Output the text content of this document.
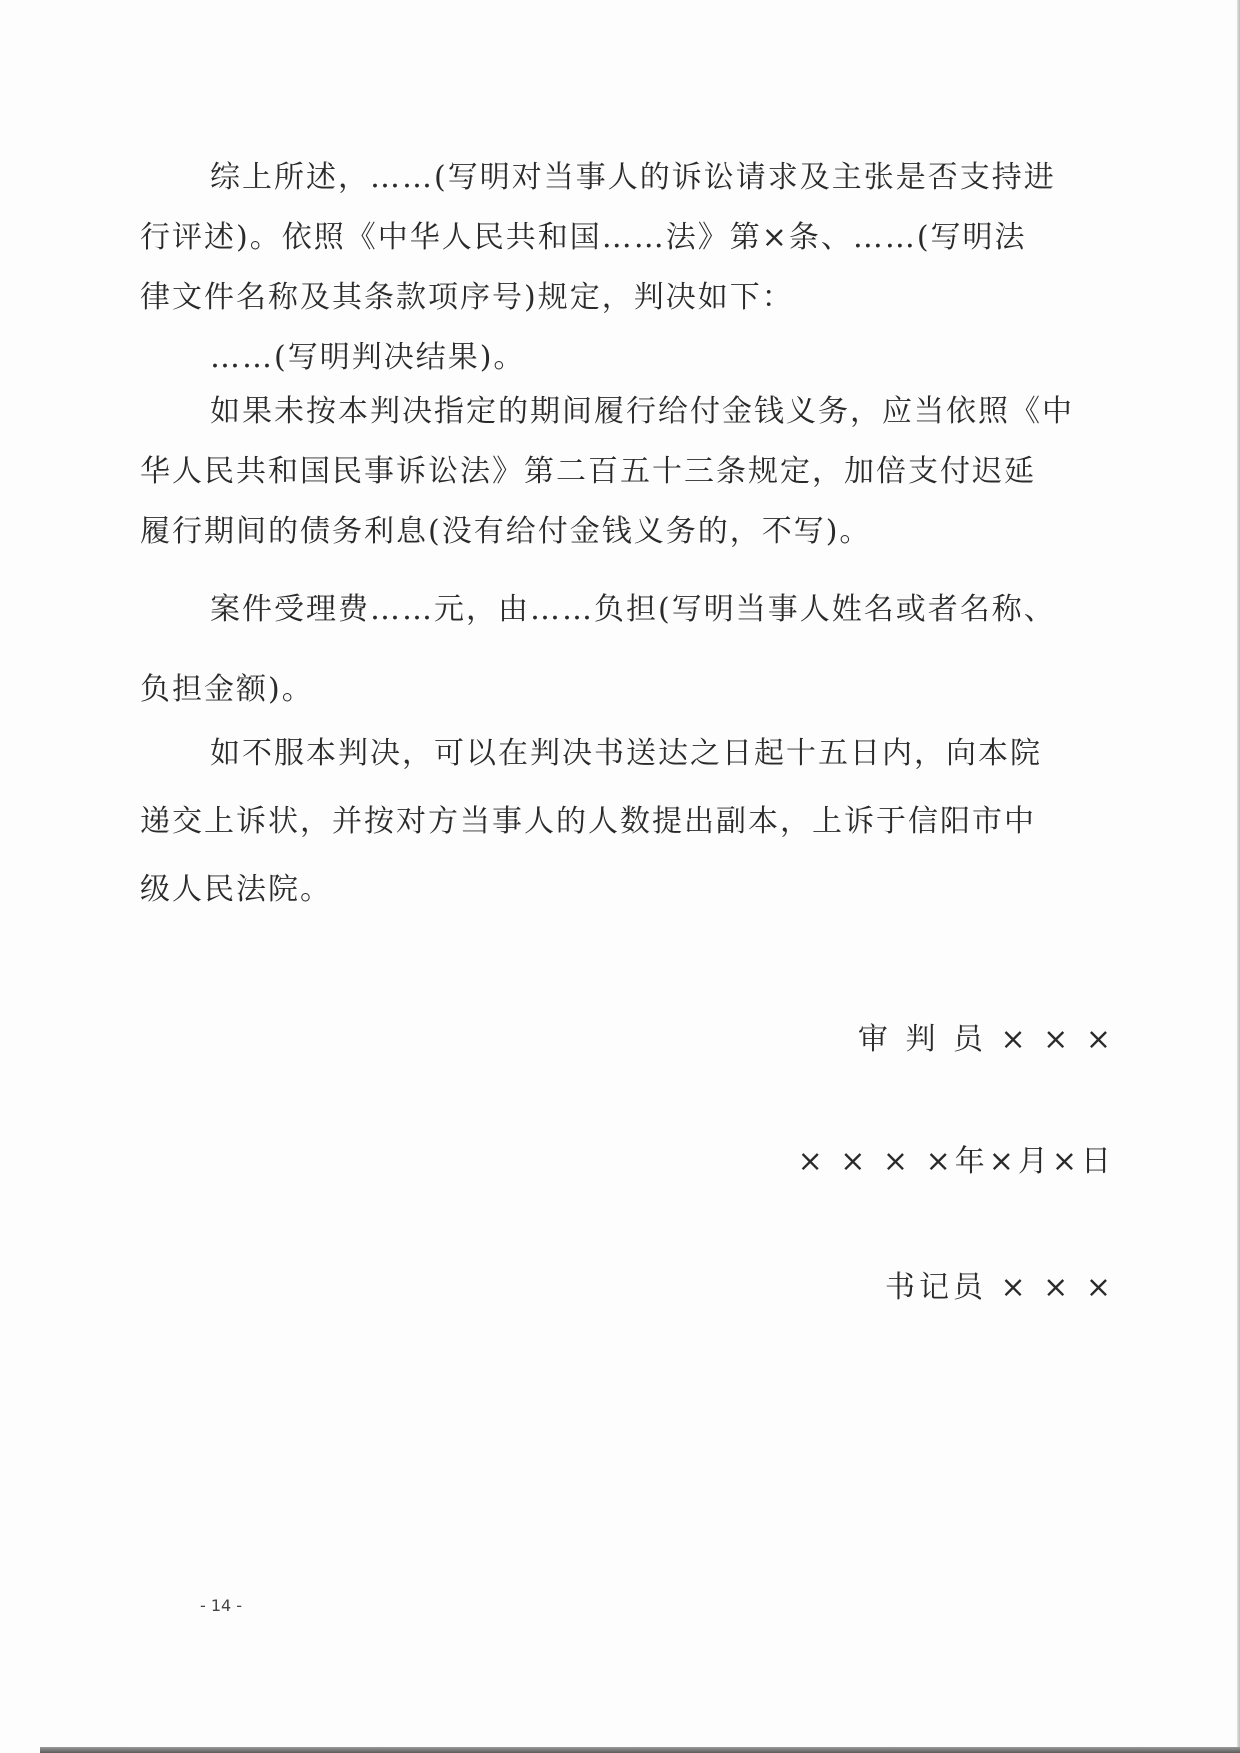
综上所述，……(写明对当事人的诉讼请求及主张是否支持进
行评述)。依照《中华人民共和国……法》第×条、……(写明法
律文件名称及其条款项序号)规定，判决如下：
……(写明判决结果)。
如果未按本判决指定的期间履行给付金钱义务，应当依照《中
华人民共和国民事诉讼法》第二百五十三条规定，加倍支付迟延
履行期间的债务利息(没有给付金钱义务的，不写)。
案件受理费……元，由……负担(写明当事人姓名或者名称、
负担金额)。
如不服本判决，可以在判决书送达之日起十五日内，向本院
递交上诉状，并按对方当事人的人数提出副本，上诉于信阳市中
级人民法院。
审 判 员 × × ×
× × × ×年×月×日
书记员 × × ×
- 14 -
